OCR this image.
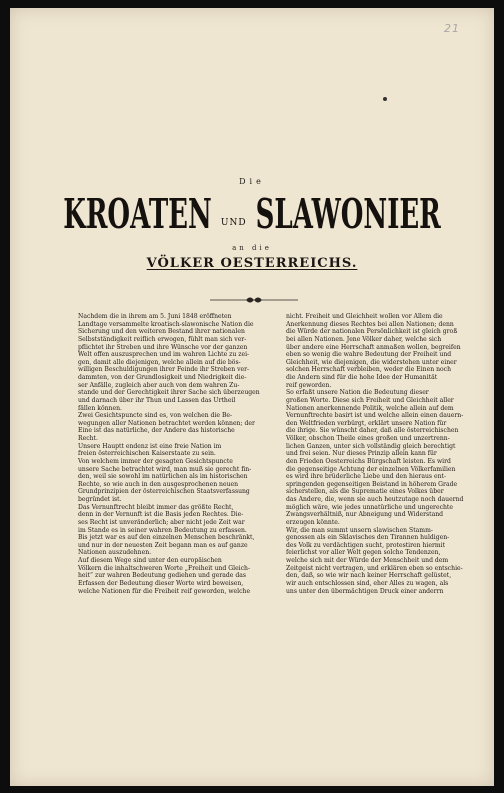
21
Die
KROATEN UND SLAWONIER
an die
VÖLKER OESTERREICHS.
Nachdem die in ihrem am 5. Juni 1848 eröffneten
Landtage versammelte kroatisch-slawonische Nation die
Sicherung und den weiteren Bestand ihrer nationalen
Selbstständigkeit reiflich erwogen, fühlt man sich ver-
pflichtet ihr Streben und ihre Wünsche vor der ganzen
Welt offen auszusprechen und im wahren Lichte zu zei-
gen, damit alle diejenigen, welche allein auf die bös-
willigen Beschuldigungen ihrer Feinde ihr Streben ver-
dammten, von der Grundlosigkeit und Niedrigkeit die-
ser Anfälle, zugleich aber auch von dem wahren Zu-
stande und der Gerechtigkeit ihrer Sache sich überzeugen
und darnach über ihr Thun und Lassen das Urtheil
fällen können.
Zwei Gesichtspuncte sind es, von welchen die Be-
wegungen aller Nationen betrachtet werden können; der
Eine ist das natürliche, der Andere das historische
Recht.
Unsere Hauptt endenz ist eine freie Nation im
freien österreichischen Kaiserstaate zu sein.
Von welchem immer der gesagten Gesichtspuncte
unsere Sache betrachtet wird, man muß sie gerecht fin-
den, weil sie sowohl im natürlichen als im historischen
Rechte, so wie auch in den ausgesprochenen neuen
Grundprinzipien der österreichischen Staatsverfassung
begründet ist.
Das Vernunftrecht bleibt immer das größte Recht,
denn in der Vernunft ist die Basis jeden Rechtes. Die-
ses Recht ist unveränderlich; aber nicht jede Zeit war
im Stande es in seiner wahren Bedeutung zu erfassen.
Bis jetzt war es auf den einzelnen Menschen beschränkt,
und nur in der neuesten Zeit begann man es auf ganze
Nationen auszudehnen.
Auf diesem Wege sind unter den europäischen
Völkern die inhaltschweren Worte „Freiheit und Gleich-
heit“ zur wahren Bedeutung gediehen und gerade das
Erfassen der Bedeutung dieser Worte wird beweisen,
welche Nationen für die Freiheit reif geworden, welche
nicht. Freiheit und Gleichheit wollen vor Allem die
Anerkennung dieses Rechtes bei allen Nationen; denn
die Würde der nationalen Persönlichkeit ist gleich groß
bei allen Nationen. Jene Völker daher, welche sich
über andere eine Herrschaft anmaßen wollen, begreifen
eben so wenig die wahre Bedeutung der Freiheit und
Gleichheit, wie diejenigen, die widerstehen unter einer
solchen Herrschaft verbleiben, weder die Einen noch
die Andern sind für die hohe Idee der Humanität
reif geworden.
So erfaßt unsere Nation die Bedeutung dieser
großen Worte. Diese sich Freiheit und Gleichheit aller
Nationen anerkennende Politik, welche allein auf dem
Vernunftrechte basirt ist und welche allein einen dauern-
den Weltfrieden verbürgt, erklärt unsere Nation für
die ihrige. Sie wünscht daher, daß alle österreichischen
Völker, obschon Theile eines großen und unzertrenn-
lichen Ganzen, unter sich vollständig gleich berechtigt
und frei seien. Nur dieses Prinzip allein kann für
den Frieden Oesterreichs Bürgschaft leisten. Es wird
die gegenseitige Achtung der einzelnen Völkerfamilien
es wird ihre brüderliche Liebe und den hieraus ent-
springenden gegenseitigen Beistand in höherem Grade
sicherstellen, als die Suprematie eines Volkes über
das Andere, die, wenn sie auch heutzutage noch dauernd
möglich wäre, wie jedes unnatürliche und ungerechte
Zwangsverhältniß, nur Abneigung und Widerstand
erzeugen könnte.
Wir, die man summt unsern slawischen Stamm-
genossen als ein Sklavisches den Tirannen huldigen-
des Volk zu verdächtigen sucht, protestiren hiermit
feierlichst vor aller Welt gegen solche Tendenzen,
welche sich mit der Würde der Menschheit und dem
Zeitgeist nicht vertragen, und erklären eben so entschie-
den, daß, so wie wir nach keiner Herrschaft gelüstet,
wir auch entschlossen sind, eher Alles zu wagen, als
uns unter den übermächtigen Druck einer anderrn
